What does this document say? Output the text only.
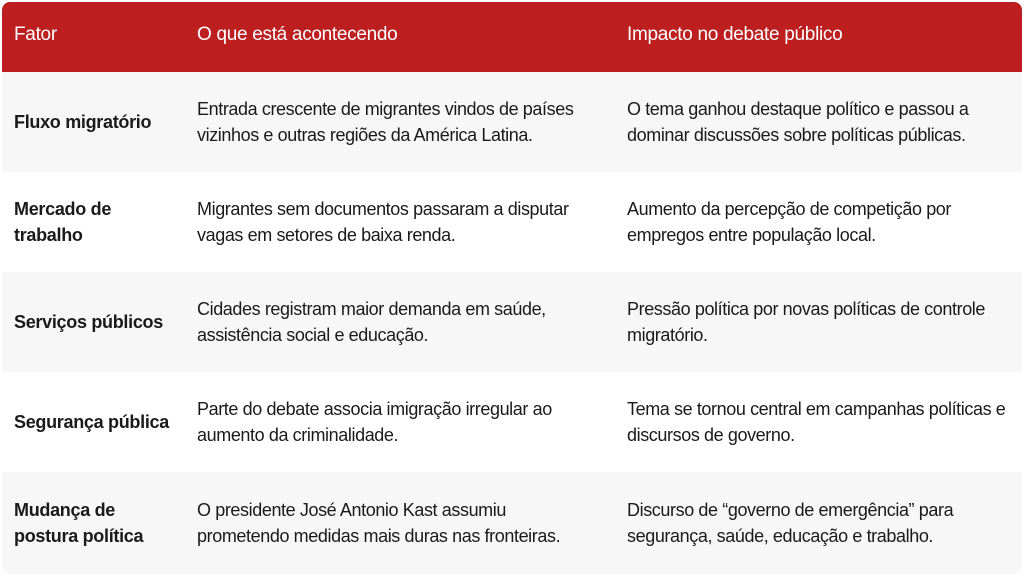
Fator	O que está acontecendo	Impacto no debate público
Fluxo migratório	Entrada crescente de migrantes vindos de países vizinhos e outras regiões da América Latina.	O tema ganhou destaque político e passou a dominar discussões sobre políticas públicas.
Mercado de trabalho	Migrantes sem documentos passaram a disputar vagas em setores de baixa renda.	Aumento da percepção de competição por empregos entre população local.
Serviços públicos	Cidades registram maior demanda em saúde, assistência social e educação.	Pressão política por novas políticas de controle migratório.
Segurança pública	Parte do debate associa imigração irregular ao aumento da criminalidade.	Tema se tornou central em campanhas políticas e discursos de governo.
Mudança de postura política	O presidente José Antonio Kast assumiu prometendo medidas mais duras nas fronteiras.	Discurso de “governo de emergência” para segurança, saúde, educação e trabalho.
